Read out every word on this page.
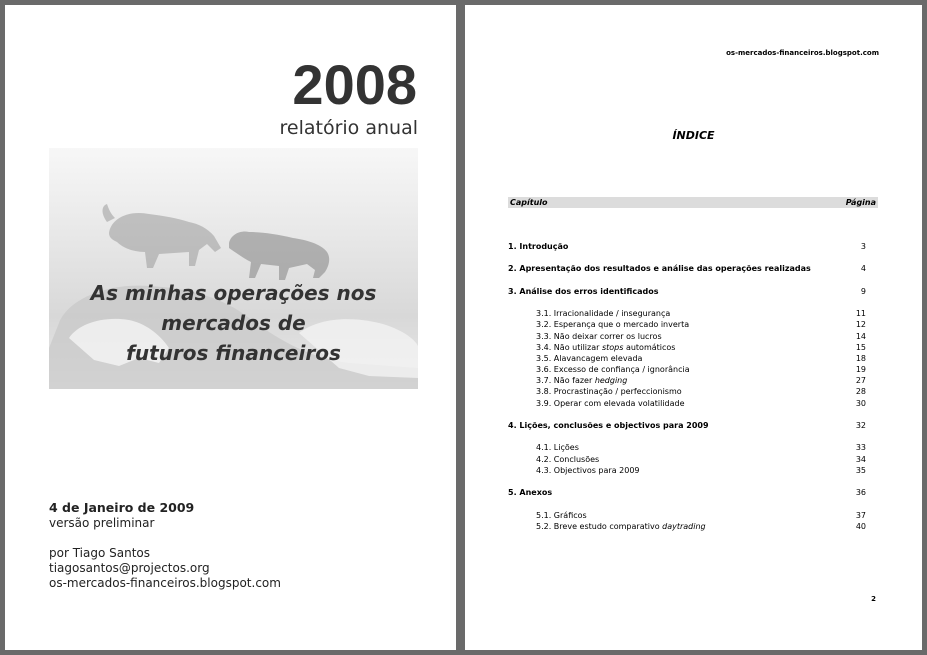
2008
relatório anual
As minhas operações nos
mercados de
futuros financeiros
4 de Janeiro de 2009
versão preliminar
por Tiago Santos
tiagosantos@projectos.org
os-mercados-financeiros.blogspot.com
os-mercados-financeiros.blogspot.com
ÍNDICE
Capítulo	Página
1. Introdução	3
2. Apresentação dos resultados e análise das operações realizadas	4
3. Análise dos erros identificados	9
3.1. Irracionalidade / insegurança	11
3.2. Esperança que o mercado inverta	12
3.3. Não deixar correr os lucros	14
3.4. Não utilizar stops automáticos	15
3.5. Alavancagem elevada	18
3.6. Excesso de confiança / ignorância	19
3.7. Não fazer hedging	27
3.8. Procrastinação / perfeccionismo	28
3.9. Operar com elevada volatilidade	30
4. Lições, conclusões e objectivos para 2009	32
4.1. Lições	33
4.2. Conclusões	34
4.3. Objectivos para 2009	35
5. Anexos	36
5.1. Gráficos	37
5.2. Breve estudo comparativo daytrading	40
2
